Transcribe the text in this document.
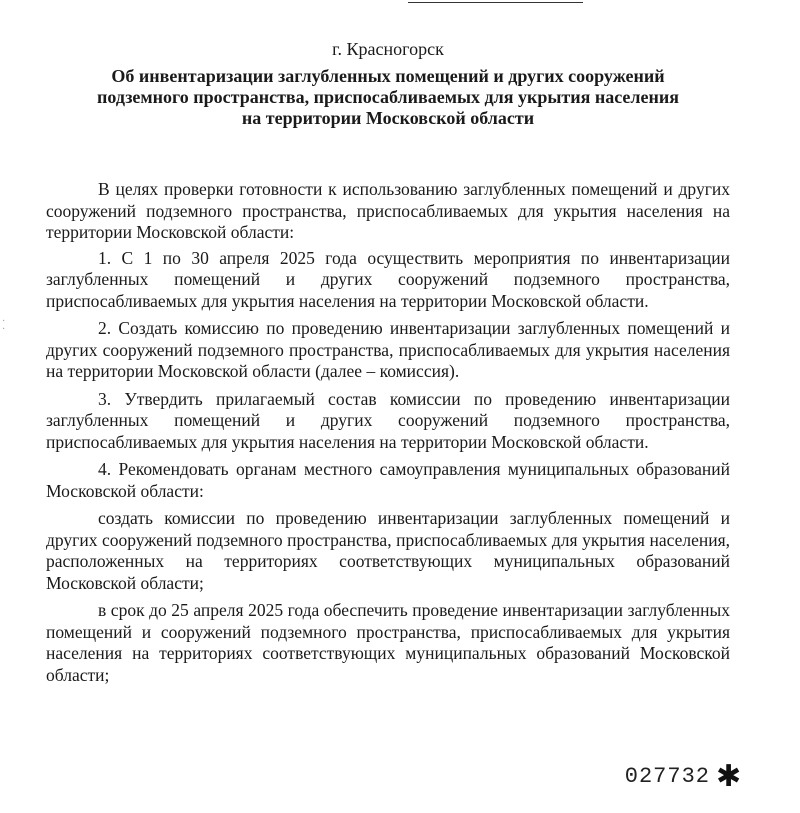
·
·
г. Красногорск
Об инвентаризации заглубленных помещений и других сооружений
подземного пространства, приспосабливаемых для укрытия населения
на территории Московской области

В целях проверки готовности к использованию заглубленных помещений и других сооружений подземного пространства, приспосабливаемых для укрытия населения на территории Московской области:

1. С 1 по 30 апреля 2025 года осуществить мероприятия по инвентаризации заглубленных помещений и других сооружений подземного пространства, приспосабливаемых для укрытия населения на территории Московской области.

2. Создать комиссию по проведению инвентаризации заглубленных помещений и других сооружений подземного пространства, приспосабливаемых для укрытия населения на территории Московской области (далее – комиссия).

3. Утвердить прилагаемый состав комиссии по проведению инвентаризации заглубленных помещений и других сооружений подземного пространства, приспосабливаемых для укрытия населения на территории Московской области.

4. Рекомендовать органам местного самоуправления муниципальных образований Московской области:

создать комиссии по проведению инвентаризации заглубленных помещений и других сооружений подземного пространства, приспосабливаемых для укрытия населения, расположенных на территориях соответствующих муниципальных образований Московской области;

в срок до 25 апреля 2025 года обеспечить проведение инвентаризации заглубленных помещений и сооружений подземного пространства, приспосабливаемых для укрытия населения на территориях соответствующих муниципальных образований Московской области;

027732 ✱
